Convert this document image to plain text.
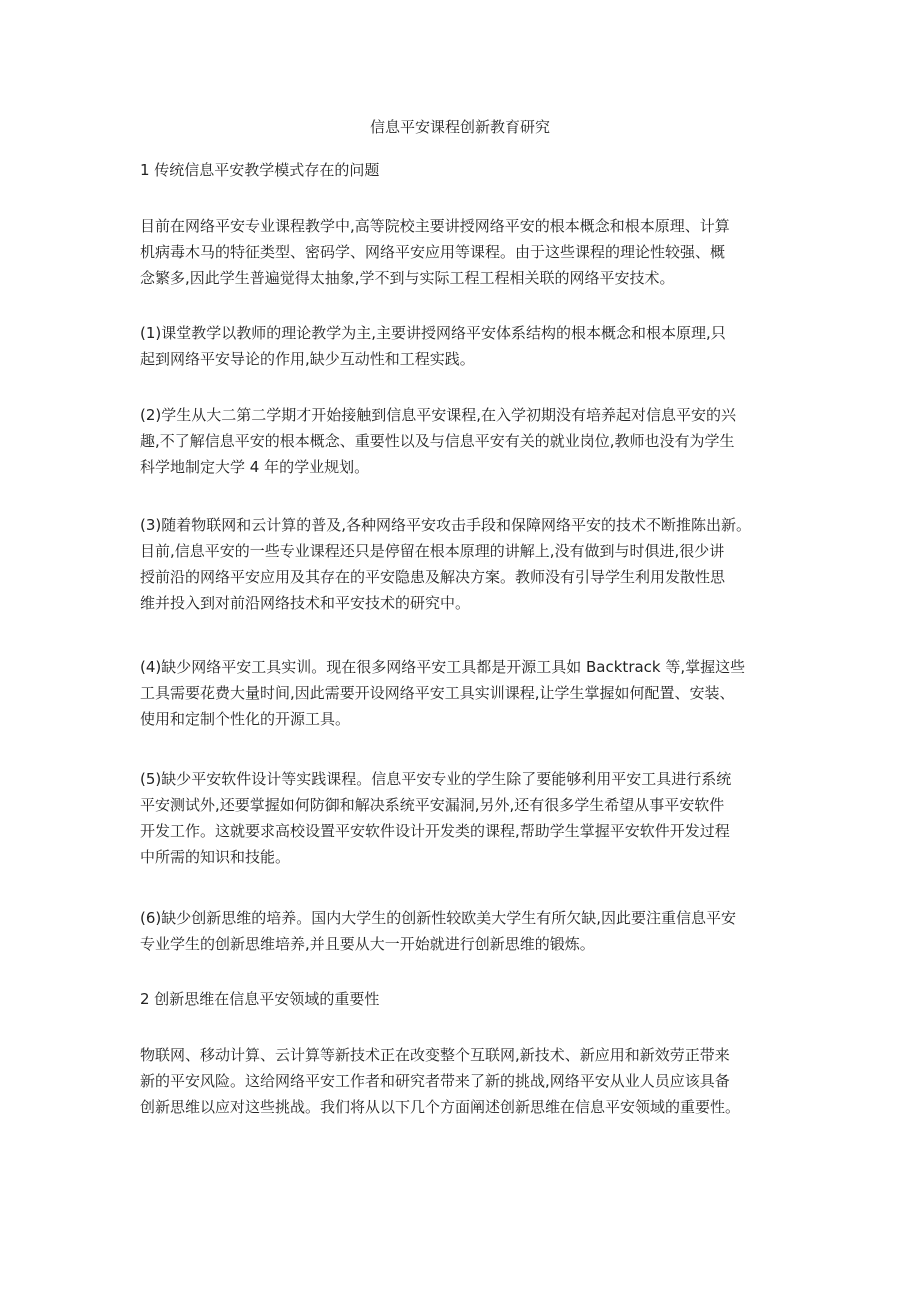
信息平安课程创新教育研究
1 传统信息平安教学模式存在的问题
目前在网络平安专业课程教学中,高等院校主要讲授网络平安的根本概念和根本原理、计算
机病毒木马的特征类型、密码学、网络平安应用等课程。由于这些课程的理论性较强、概
念繁多,因此学生普遍觉得太抽象,学不到与实际工程工程相关联的网络平安技术。
(1)课堂教学以教师的理论教学为主,主要讲授网络平安体系结构的根本概念和根本原理,只
起到网络平安导论的作用,缺少互动性和工程实践。
(2)学生从大二第二学期才开始接触到信息平安课程,在入学初期没有培养起对信息平安的兴
趣,不了解信息平安的根本概念、重要性以及与信息平安有关的就业岗位,教师也没有为学生
科学地制定大学 4 年的学业规划。
(3)随着物联网和云计算的普及,各种网络平安攻击手段和保障网络平安的技术不断推陈出新。
目前,信息平安的一些专业课程还只是停留在根本原理的讲解上,没有做到与时俱进,很少讲
授前沿的网络平安应用及其存在的平安隐患及解决方案。教师没有引导学生利用发散性思
维并投入到对前沿网络技术和平安技术的研究中。
(4)缺少网络平安工具实训。现在很多网络平安工具都是开源工具如 Backtrack 等,掌握这些
工具需要花费大量时间,因此需要开设网络平安工具实训课程,让学生掌握如何配置、安装、
使用和定制个性化的开源工具。
(5)缺少平安软件设计等实践课程。信息平安专业的学生除了要能够利用平安工具进行系统
平安测试外,还要掌握如何防御和解决系统平安漏洞,另外,还有很多学生希望从事平安软件
开发工作。这就要求高校设置平安软件设计开发类的课程,帮助学生掌握平安软件开发过程
中所需的知识和技能。
(6)缺少创新思维的培养。国内大学生的创新性较欧美大学生有所欠缺,因此要注重信息平安
专业学生的创新思维培养,并且要从大一开始就进行创新思维的锻炼。
2 创新思维在信息平安领域的重要性
物联网、移动计算、云计算等新技术正在改变整个互联网,新技术、新应用和新效劳正带来
新的平安风险。这给网络平安工作者和研究者带来了新的挑战,网络平安从业人员应该具备
创新思维以应对这些挑战。我们将从以下几个方面阐述创新思维在信息平安领域的重要性。
